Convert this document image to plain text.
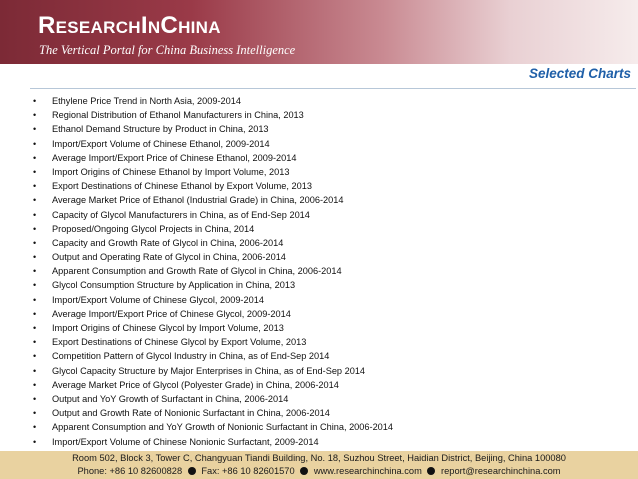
RESEARCHINCHINA
The Vertical Portal for China Business Intelligence
Selected Charts
• Ethylene Price Trend in North Asia, 2009-2014
• Regional Distribution of Ethanol Manufacturers in China, 2013
• Ethanol Demand Structure by Product in China, 2013
• Import/Export Volume of Chinese Ethanol, 2009-2014
• Average Import/Export Price of Chinese Ethanol, 2009-2014
• Import Origins of Chinese Ethanol by Import Volume, 2013
• Export Destinations of Chinese Ethanol by Export Volume, 2013
• Average Market Price of Ethanol (Industrial Grade) in China, 2006-2014
• Capacity of Glycol Manufacturers in China, as of End-Sep 2014
• Proposed/Ongoing Glycol Projects in China, 2014
• Capacity and Growth Rate of Glycol in China, 2006-2014
• Output and Operating Rate of Glycol in China, 2006-2014
• Apparent Consumption and Growth Rate of Glycol in China, 2006-2014
• Glycol Consumption Structure by Application in China, 2013
• Import/Export Volume of Chinese Glycol, 2009-2014
• Average Import/Export Price of Chinese Glycol, 2009-2014
• Import Origins of Chinese Glycol by Import Volume, 2013
• Export Destinations of Chinese Glycol by Export Volume, 2013
• Competition Pattern of Glycol Industry in China, as of End-Sep 2014
• Glycol Capacity Structure by Major Enterprises in China, as of End-Sep 2014
• Average Market Price of Glycol (Polyester Grade) in China, 2006-2014
• Output and YoY Growth of Surfactant in China, 2006-2014
• Output and Growth Rate of Nonionic Surfactant in China, 2006-2014
• Apparent Consumption and YoY Growth of Nonionic Surfactant in China, 2006-2014
• Import/Export Volume of Chinese Nonionic Surfactant, 2009-2014
Room 502, Block 3, Tower C, Changyuan Tiandi Building, No. 18, Suzhou Street, Haidian District, Beijing, China 100080
Phone: +86 10 82600828 Fax: +86 10 82601570 www.researchinchina.com report@researchinchina.com
